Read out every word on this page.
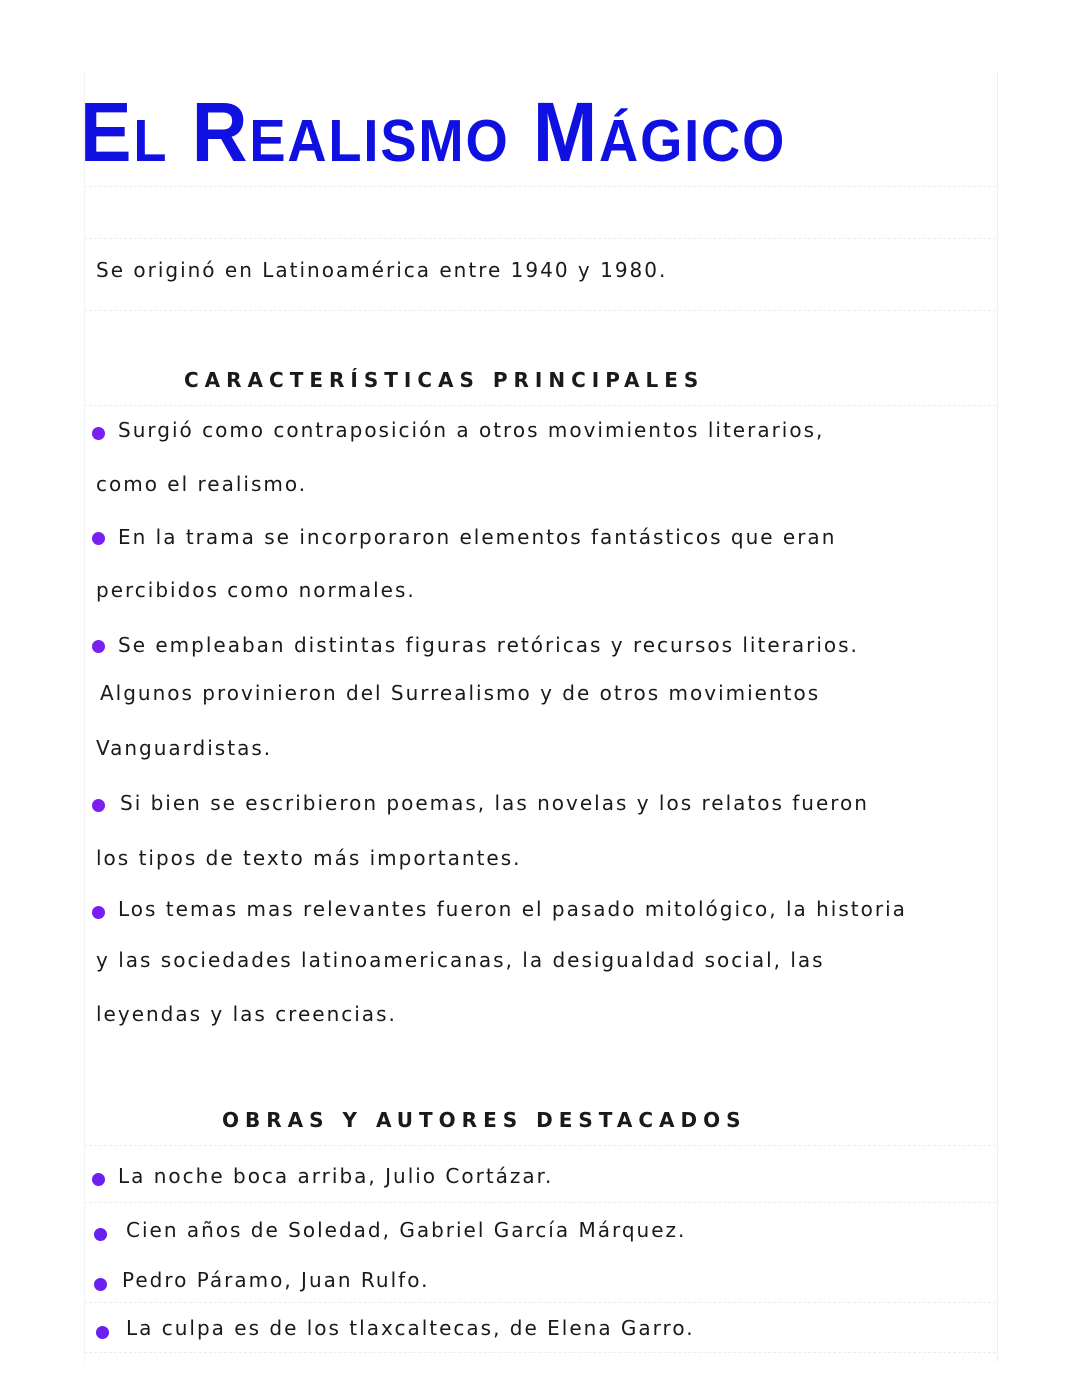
El Realismo Mágico
Se originó en Latinoamérica entre 1940 y 1980.
CARACTERÍSTICAS PRINCIPALES
Surgió como contraposición a otros movimientos literarios,
como el realismo.
En la trama se incorporaron elementos fantásticos que eran
percibidos como normales.
Se empleaban distintas figuras retóricas y recursos literarios.
Algunos provinieron del Surrealismo y de otros movimientos
Vanguardistas.
Si bien se escribieron poemas, las novelas y los relatos fueron
los tipos de texto más importantes.
Los temas mas relevantes fueron el pasado mitológico, la historia
y las sociedades latinoamericanas, la desigualdad social, las
leyendas y las creencias.
OBRAS Y AUTORES DESTACADOS
La noche boca arriba, Julio Cortázar.
Cien años de Soledad, Gabriel García Márquez.
Pedro Páramo, Juan Rulfo.
La culpa es de los tlaxcaltecas, de Elena Garro.
